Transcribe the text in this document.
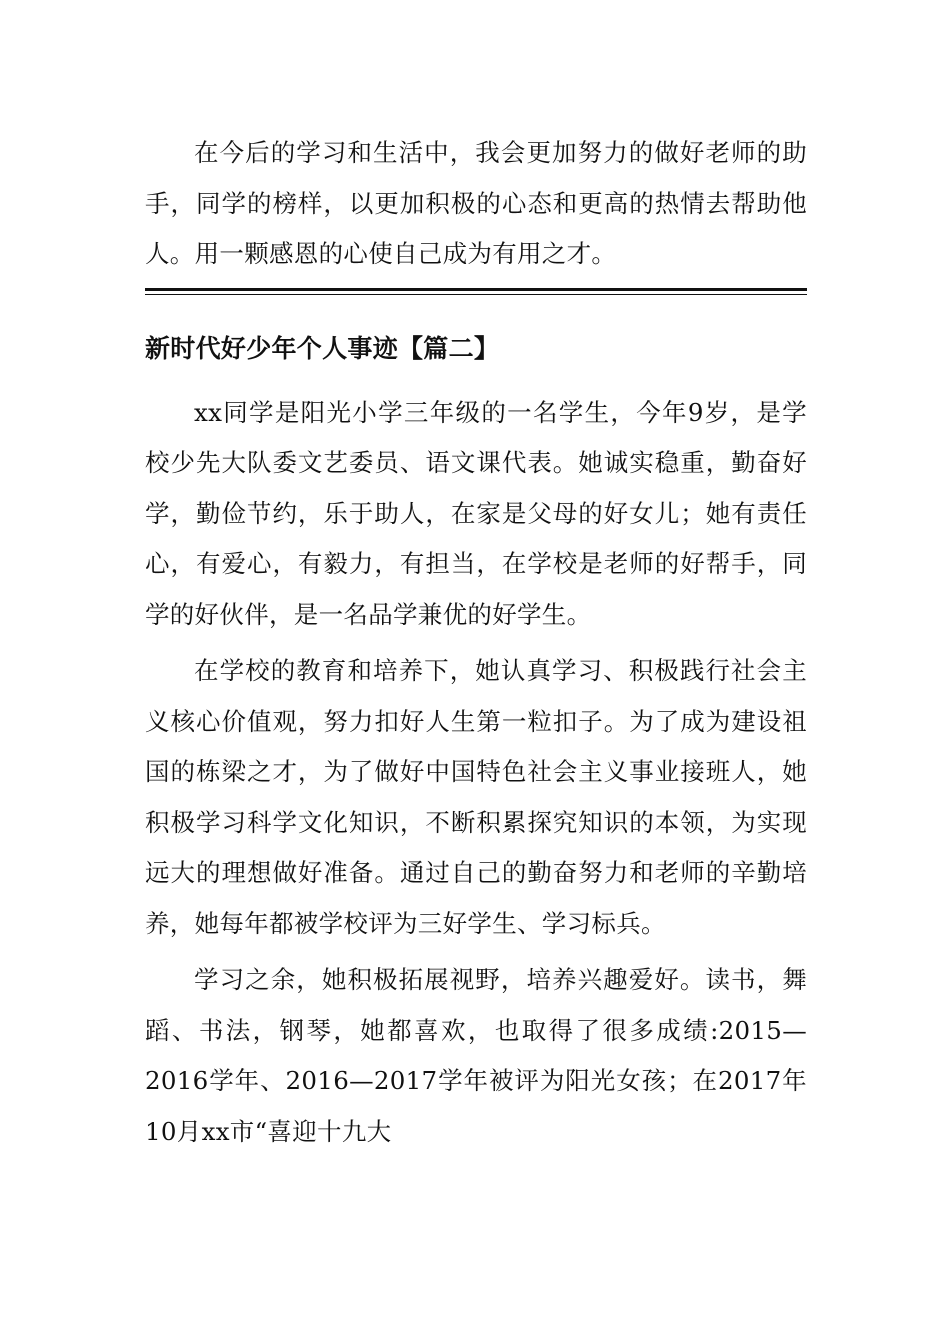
在今后的学习和生活中，我会更加努力的做好老师的助手，同学的榜样，以更加积极的心态和更高的热情去帮助他人。用一颗感恩的心使自己成为有用之才。

新时代好少年个人事迹【篇二】

xx同学是阳光小学三年级的一名学生，今年9岁，是学校少先大队委文艺委员、语文课代表。她诚实稳重，勤奋好学，勤俭节约，乐于助人，在家是父母的好女儿；她有责任心，有爱心，有毅力，有担当，在学校是老师的好帮手，同学的好伙伴，是一名品学兼优的好学生。

在学校的教育和培养下，她认真学习、积极践行社会主义核心价值观，努力扣好人生第一粒扣子。为了成为建设祖国的栋梁之才，为了做好中国特色社会主义事业接班人，她积极学习科学文化知识，不断积累探究知识的本领，为实现远大的理想做好准备。通过自己的勤奋努力和老师的辛勤培养，她每年都被学校评为三好学生、学习标兵。

学习之余，她积极拓展视野，培养兴趣爱好。读书，舞蹈、书法，钢琴，她都喜欢，也取得了很多成绩:2015—2016学年、2016—2017学年被评为阳光女孩；在2017年10月xx市“喜迎十九大
